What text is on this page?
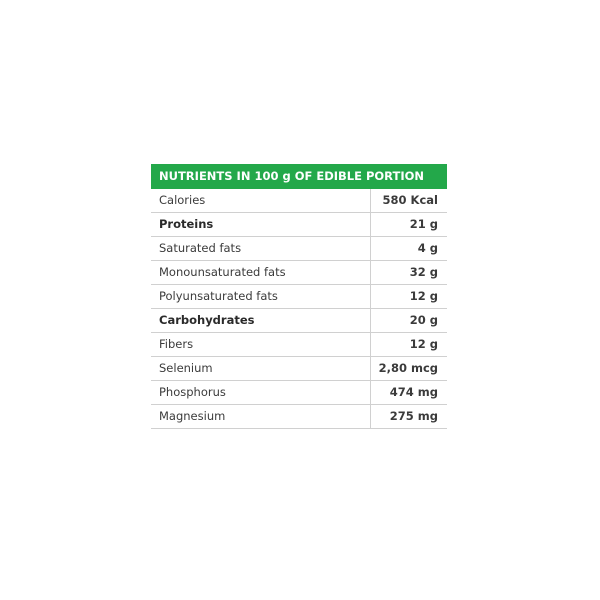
NUTRIENTS IN 100 g OF EDIBLE PORTION
Calories	580 Kcal
Proteins	21 g
Saturated fats	4 g
Monounsaturated fats	32 g
Polyunsaturated fats	12 g
Carbohydrates	20 g
Fibers	12 g
Selenium	2,80 mcg
Phosphorus	474 mg
Magnesium	275 mg
